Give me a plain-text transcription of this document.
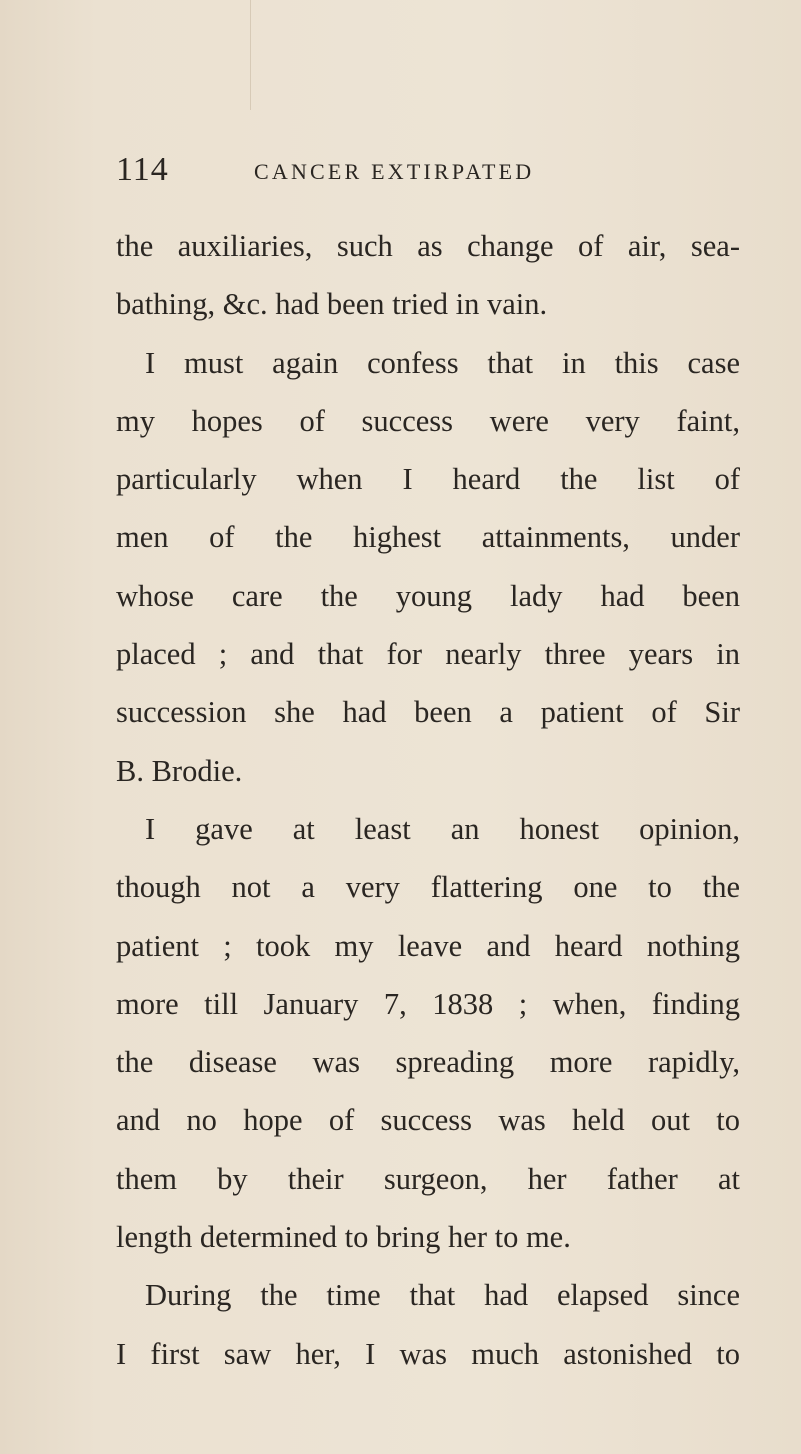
114	CANCER EXTIRPATED
the auxiliaries, such as change of air, sea-
bathing, &c. had been tried in vain.
I must again confess that in this case
my hopes of success were very faint,
particularly when I heard the list of
men of the highest attainments, under
whose care the young lady had been
placed ; and that for nearly three years in
succession she had been a patient of Sir
B. Brodie.
I gave at least an honest opinion,
though not a very flattering one to the
patient ; took my leave and heard nothing
more till January 7, 1838 ; when, finding
the disease was spreading more rapidly,
and no hope of success was held out to
them by their surgeon, her father at
length determined to bring her to me.
During the time that had elapsed since
I first saw her, I was much astonished to
